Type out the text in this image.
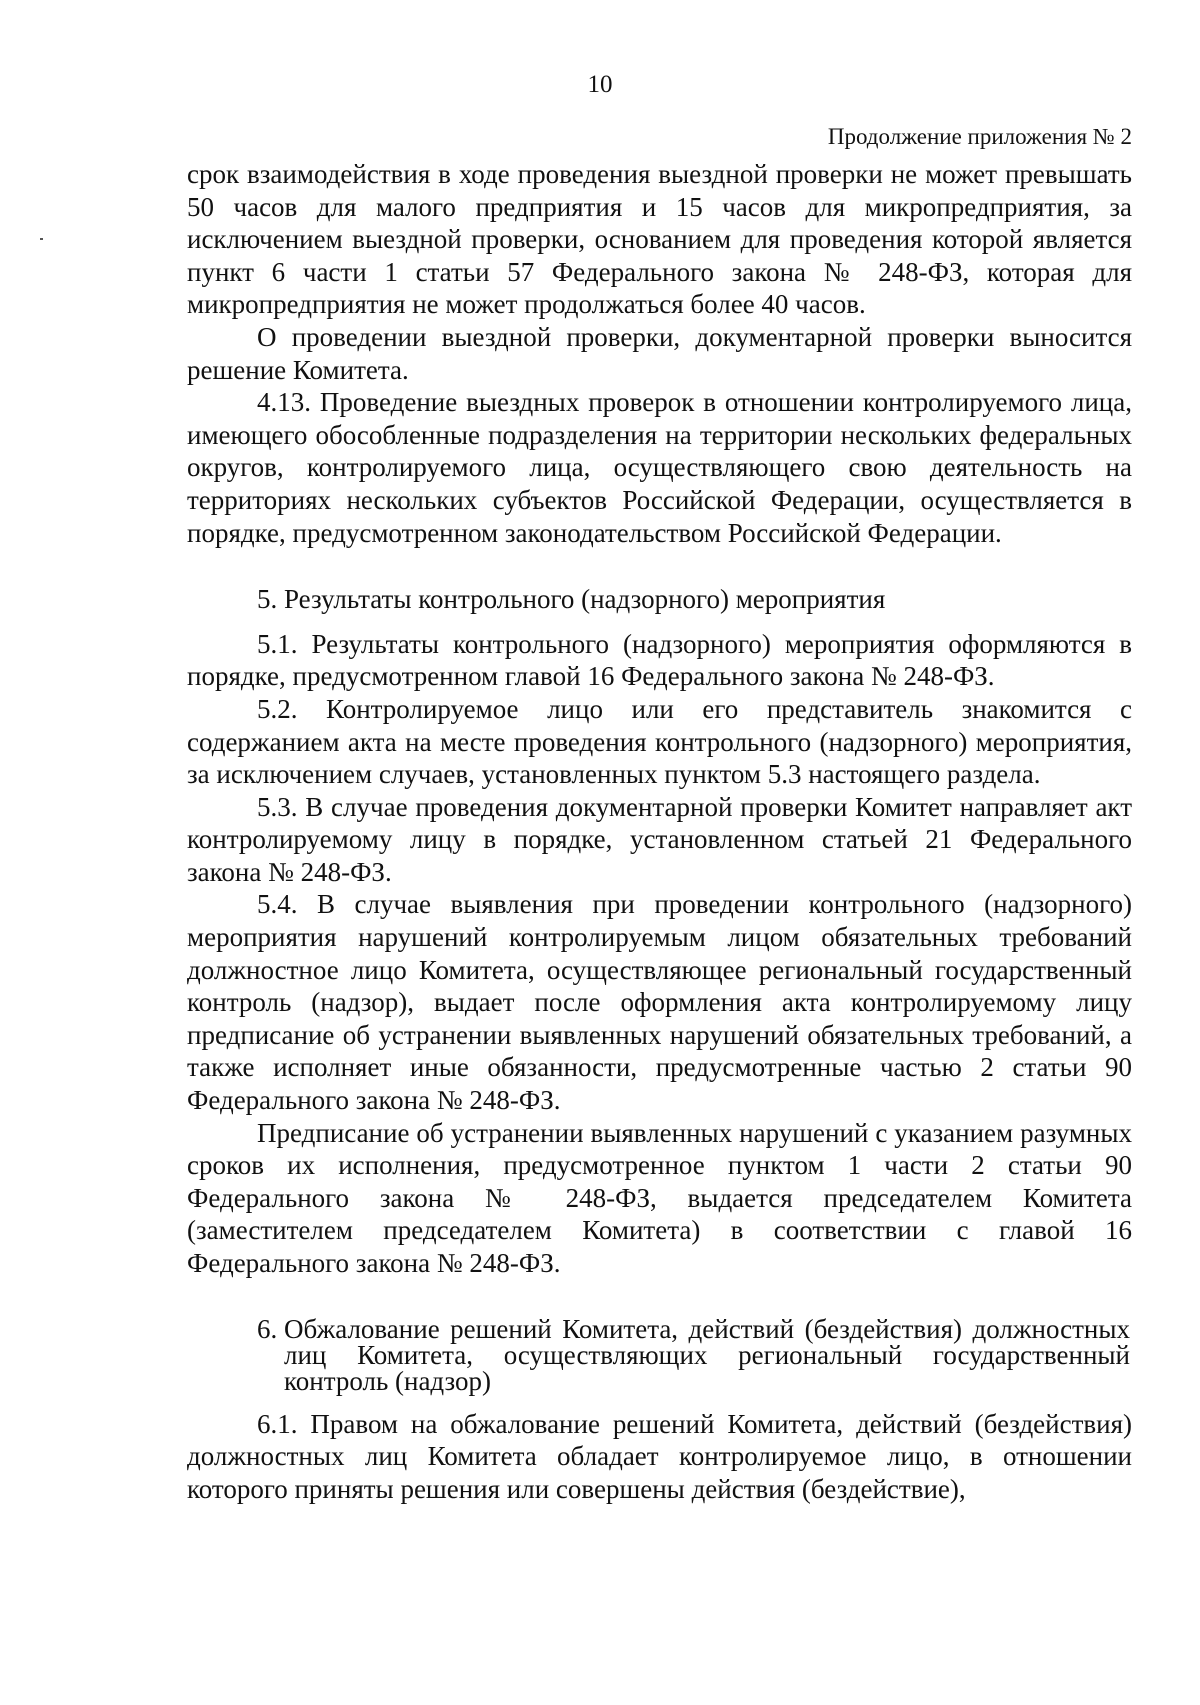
10
Продолжение приложения № 2

срок взаимодействия в ходе проведения выездной проверки не может превышать 50 часов для малого предприятия и 15 часов для микропредприятия, за исключением выездной проверки, основанием для проведения которой является пункт 6 части 1 статьи 57 Федерального закона № 248-ФЗ, которая для микропредприятия не может продолжаться более 40 часов.

О проведении выездной проверки, документарной проверки выносится решение Комитета.

4.13. Проведение выездных проверок в отношении контролируемого лица, имеющего обособленные подразделения на территории нескольких федеральных округов, контролируемого лица, осуществляющего свою деятельность на территориях нескольких субъектов Российской Федерации, осуществляется в порядке, предусмотренном законодательством Российской Федерации.

5. Результаты контрольного (надзорного) мероприятия

5.1. Результаты контрольного (надзорного) мероприятия оформляются в порядке, предусмотренном главой 16 Федерального закона № 248-ФЗ.

5.2. Контролируемое лицо или его представитель знакомится с содержанием акта на месте проведения контрольного (надзорного) мероприятия, за исключением случаев, установленных пунктом 5.3 настоящего раздела.

5.3. В случае проведения документарной проверки Комитет направляет акт контролируемому лицу в порядке, установленном статьей 21 Федерального закона № 248-ФЗ.

5.4. В случае выявления при проведении контрольного (надзорного) мероприятия нарушений контролируемым лицом обязательных требований должностное лицо Комитета, осуществляющее региональный государственный контроль (надзор), выдает после оформления акта контролируемому лицу предписание об устранении выявленных нарушений обязательных требований, а также исполняет иные обязанности, предусмотренные частью 2 статьи 90 Федерального закона № 248-ФЗ.

Предписание об устранении выявленных нарушений с указанием разумных сроков их исполнения, предусмотренное пунктом 1 части 2 статьи 90 Федерального закона № 248-ФЗ, выдается председателем Комитета (заместителем председателем Комитета) в соответствии с главой 16 Федерального закона № 248-ФЗ.

6. Обжалование решений Комитета, действий (бездействия) должностных лиц Комитета, осуществляющих региональный государственный контроль (надзор)

6.1. Правом на обжалование решений Комитета, действий (бездействия) должностных лиц Комитета обладает контролируемое лицо, в отношении которого приняты решения или совершены действия (бездействие),
